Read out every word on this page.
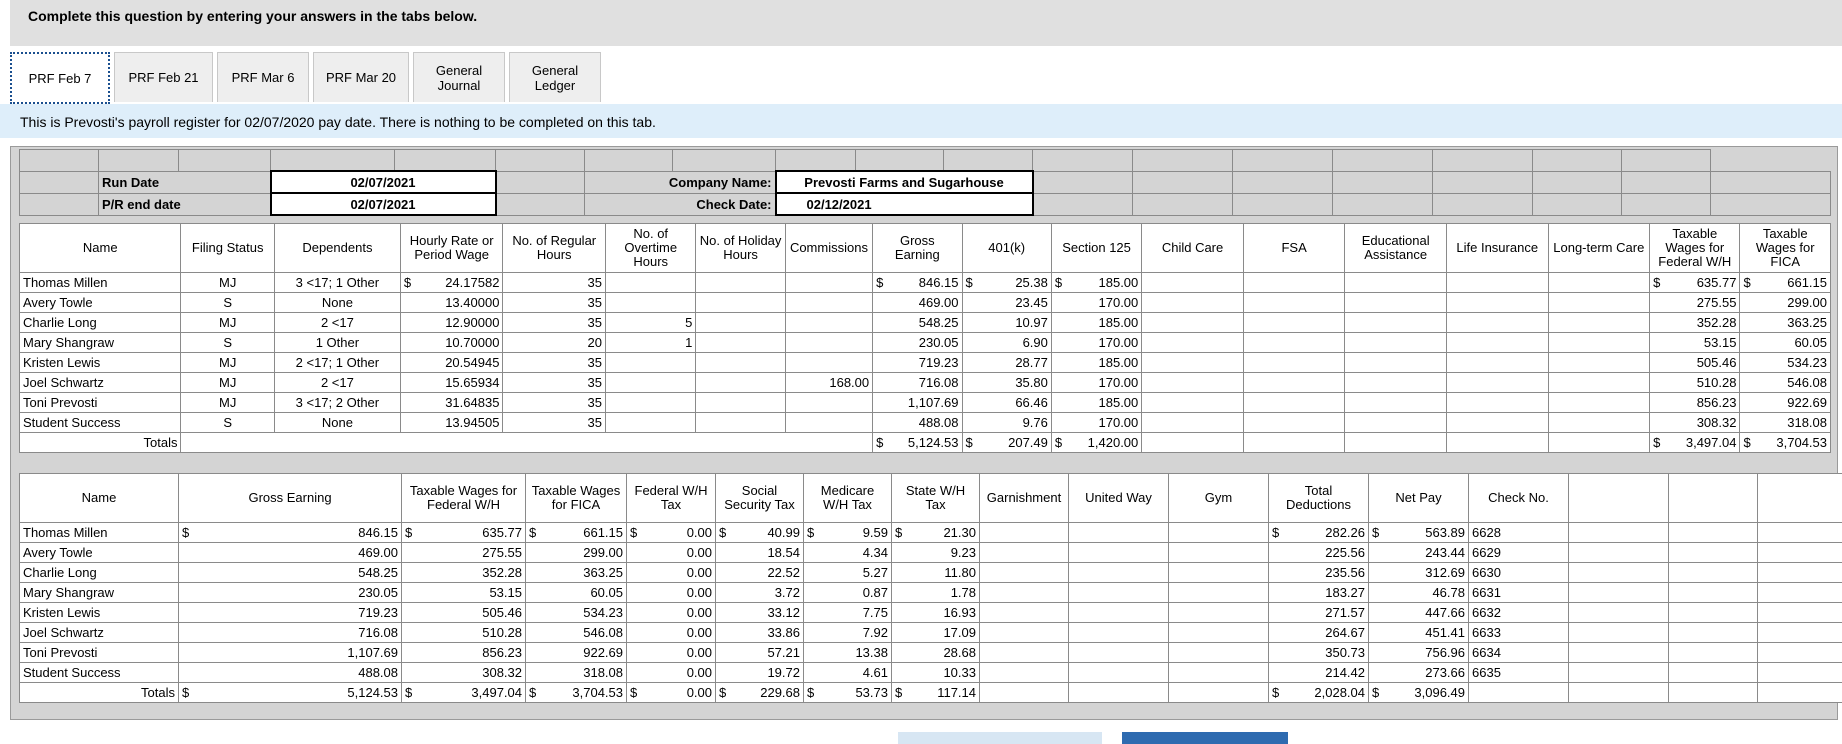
Complete this question by entering your answers in the tabs below.
PRF Feb 7	PRF Feb 21	PRF Mar 6	PRF Mar 20	General
Journal
General
Ledger
This is Prevosti's payroll register for 02/07/2020 pay date. There is nothing to be completed on this tab.

	Run Date		02/07/2021			Company Name:		Prevosti Farms and Sugarhouse										
	P/R end date		02/07/2021			Check Date:		02/12/2021										
Name	Filing Status	Dependents	Hourly Rate or Period Wage	No. of Regular Hours	No. of Overtime Hours	No. of Holiday Hours	Commissions	Gross Earning	401(k)	Section 125	Child Care	FSA	Educational Assistance	Life Insurance	Long-term Care	Taxable Wages for Federal W/H	Taxable Wages for FICA
Thomas Millen	MJ	3 <17; 1 Other	$ 24.17582	35				$ 846.15	$ 25.38	$ 185.00						$ 635.77	$ 661.15
Avery Towle	S	None	13.40000	35				469.00	23.45	170.00						275.55	299.00
Charlie Long	MJ	2 <17	12.90000	35	5			548.25	10.97	185.00						352.28	363.25
Mary Shangraw	S	1 Other	10.70000	20	1			230.05	6.90	170.00						53.15	60.05
Kristen Lewis	MJ	2 <17; 1 Other	20.54945	35				719.23	28.77	185.00						505.46	534.23
Joel Schwartz	MJ	2 <17	15.65934	35			168.00	716.08	35.80	170.00						510.28	546.08
Toni Prevosti	MJ	3 <17; 2 Other	31.64835	35				1,107.69	66.46	185.00						856.23	922.69
Student Success	S	None	13.94505	35				488.08	9.76	170.00						308.32	318.08
Totals								$ 5,124.53	$ 207.49	$ 1,420.00						$ 3,497.04	$ 3,704.53
Name	Gross Earning	Taxable Wages for Federal W/H	Taxable Wages for FICA	Federal W/H Tax	Social Security Tax	Medicare W/H Tax	State W/H Tax	Garnishment	United Way	Gym	Total Deductions	Net Pay	Check No.			
Thomas Millen	$ 846.15	$ 635.77	$ 661.15	$ 0.00	$ 40.99	$ 9.59	$ 21.30				$ 282.26	$ 563.89	6628			
Avery Towle	469.00	275.55	299.00	0.00	18.54	4.34	9.23				225.56	243.44	6629			
Charlie Long	548.25	352.28	363.25	0.00	22.52	5.27	11.80				235.56	312.69	6630			
Mary Shangraw	230.05	53.15	60.05	0.00	3.72	0.87	1.78				183.27	46.78	6631			
Kristen Lewis	719.23	505.46	534.23	0.00	33.12	7.75	16.93				271.57	447.66	6632			
Joel Schwartz	716.08	510.28	546.08	0.00	33.86	7.92	17.09				264.67	451.41	6633			
Toni Prevosti	1,107.69	856.23	922.69	0.00	57.21	13.38	28.68				350.73	756.96	6634			
Student Success	488.08	308.32	318.08	0.00	19.72	4.61	10.33				214.42	273.66	6635			
Totals	$ 5,124.53	$ 3,497.04	$ 3,704.53	$ 0.00	$ 229.68	$ 53.73	$ 117.14				$ 2,028.04	$ 3,096.49				
